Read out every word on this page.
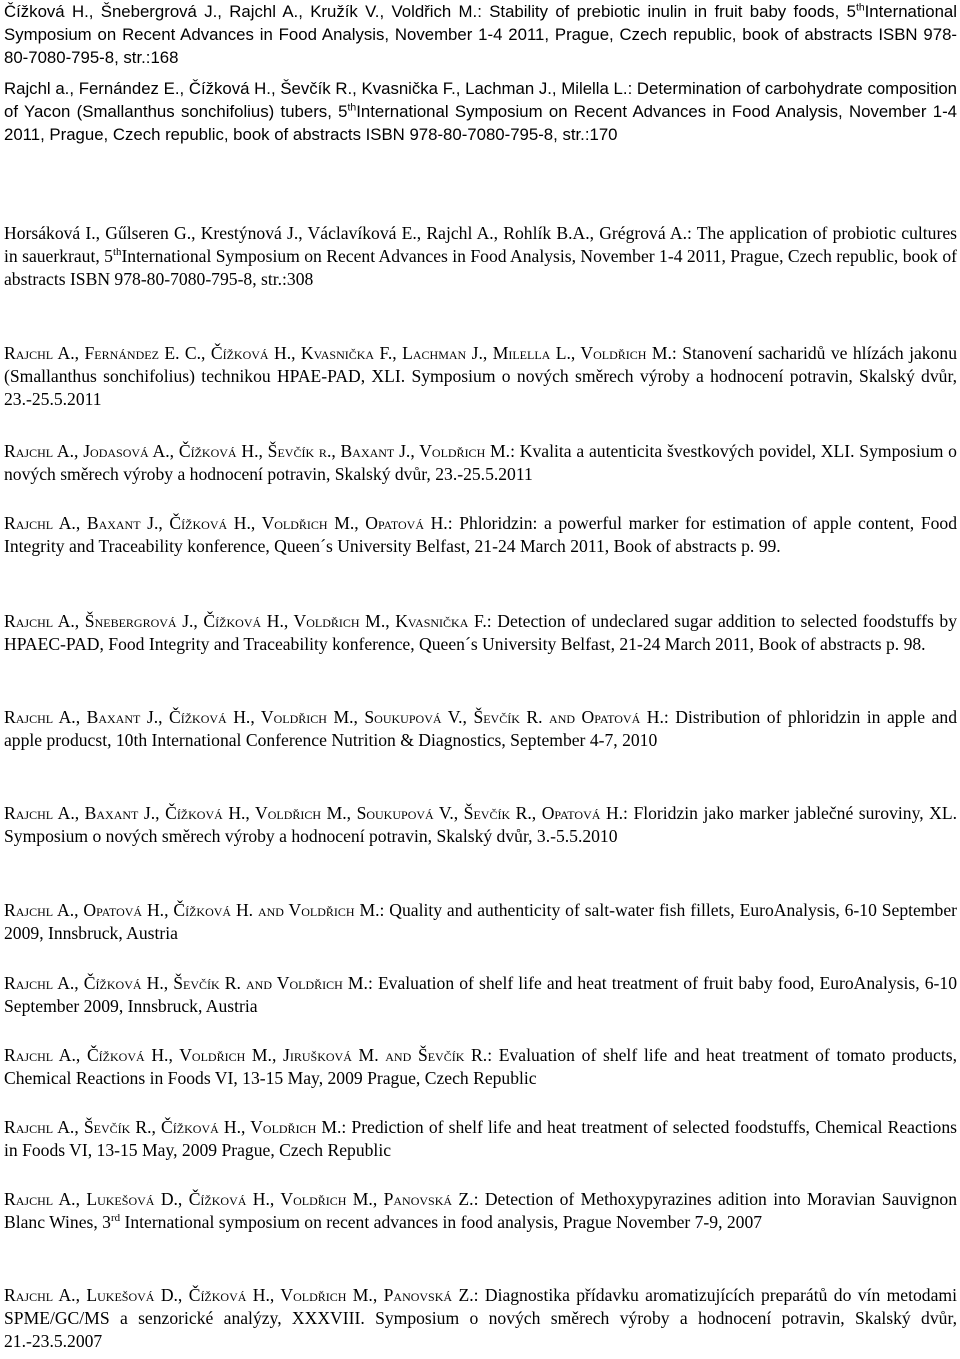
Čížková H., Šnebergrová J., Rajchl A., Kružík V., Voldřich M.: Stability of prebiotic inulin in fruit baby foods, 5thInternational Symposium on Recent Advances in Food Analysis, November 1-4 2011, Prague, Czech republic, book of abstracts ISBN 978-80-7080-795-8, str.:168

Rajchl a., Fernández E., Čížková H., Ševčík R., Kvasnička F., Lachman J., Milella L.: Determination of carbohydrate composition of Yacon (Smallanthus sonchifolius) tubers, 5thInternational Symposium on Recent Advances in Food Analysis, November 1-4 2011, Prague, Czech republic, book of abstracts ISBN 978-80-7080-795-8, str.:170

Horsáková I., Gűlseren G., Krestýnová J., Václavíková E., Rajchl A., Rohlík B.A., Grégrová A.: The application of probiotic cultures in sauerkraut, 5thInternational Symposium on Recent Advances in Food Analysis, November 1-4 2011, Prague, Czech republic, book of abstracts ISBN 978-80-7080-795-8, str.:308

Rajchl A., Fernández E. C., Čížková H., Kvasnička F., Lachman J., Milella L., Voldřich M.: Stanovení sacharidů ve hlízách jakonu (Smallanthus sonchifolius) technikou HPAE-PAD, XLI. Symposium o nových směrech výroby a hodnocení potravin, Skalský dvůr, 23.-25.5.2011

Rajchl A., Jodasová A., Čížková H., Ševčík r., Baxant J., Voldřich M.: Kvalita a autenticita švestkových povidel, XLI. Symposium o nových směrech výroby a hodnocení potravin, Skalský dvůr, 23.-25.5.2011

Rajchl A., Baxant J., Čížková H., Voldřich M., Opatová H.: Phloridzin: a powerful marker for estimation of apple content, Food Integrity and Traceability konference, Queen´s University Belfast, 21-24 March 2011, Book of abstracts p. 99.

Rajchl A., Šnebergrová J., Čížková H., Voldřich M., Kvasnička F.: Detection of undeclared sugar addition to selected foodstuffs by HPAEC-PAD, Food Integrity and Traceability konference, Queen´s University Belfast, 21-24 March 2011, Book of abstracts p. 98.

Rajchl A., Baxant J., Čížková H., Voldřich M., Soukupová V., Ševčík R. and Opatová H.: Distribution of phloridzin in apple and apple producst, 10th International Conference Nutrition & Diagnostics, September 4-7, 2010

Rajchl A., Baxant J., Čížková H., Voldřich M., Soukupová V., Ševčík R., Opatová H.: Floridzin jako marker jablečné suroviny, XL. Symposium o nových směrech výroby a hodnocení potravin, Skalský dvůr, 3.-5.5.2010

Rajchl A., Opatová H., Čížková H. and Voldřich M.: Quality and authenticity of salt-water fish fillets, EuroAnalysis, 6-10 September 2009, Innsbruck, Austria

Rajchl A., Čížková H., Ševčík R. and Voldřich M.: Evaluation of shelf life and heat treatment of fruit baby food, EuroAnalysis, 6-10 September 2009, Innsbruck, Austria

Rajchl A., Čížková H., Voldřich M., Jirušková M. and Ševčík R.: Evaluation of shelf life and heat treatment of tomato products, Chemical Reactions in Foods VI, 13-15 May, 2009 Prague, Czech Republic

Rajchl A., Ševčík R., Čížková H., Voldřich M.: Prediction of shelf life and heat treatment of selected foodstuffs, Chemical Reactions in Foods VI, 13-15 May, 2009 Prague, Czech Republic

Rajchl A., Lukešová D., Čížková H., Voldřich M., Panovská Z.: Detection of Methoxypyrazines adition into Moravian Sauvignon Blanc Wines, 3rd International symposium on recent advances in food analysis, Prague November 7-9, 2007

Rajchl A., Lukešová D., Čížková H., Voldřich M., Panovská Z.: Diagnostika přídavku aromatizujících preparátů do vín metodami SPME/GC/MS a senzorické analýzy, XXXVIII. Symposium o nových směrech výroby a hodnocení potravin, Skalský dvůr, 21.-23.5.2007
